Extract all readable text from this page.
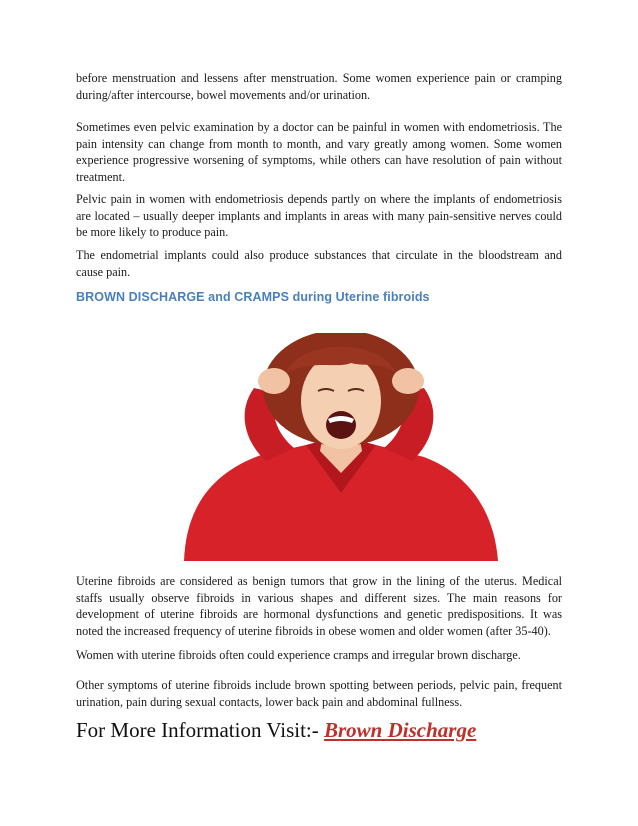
before menstruation and lessens after menstruation. Some women experience pain or cramping during/after intercourse, bowel movements and/or urination.

Sometimes even pelvic examination by a doctor can be painful in women with endometriosis. The pain intensity can change from month to month, and vary greatly among women. Some women experience progressive worsening of symptoms, while others can have resolution of pain without treatment.

Pelvic pain in women with endometriosis depends partly on where the implants of endometriosis are located – usually deeper implants and implants in areas with many pain-sensitive nerves could be more likely to produce pain.

The endometrial implants could also produce substances that circulate in the bloodstream and cause pain.

BROWN DISCHARGE and CRAMPS during Uterine fibroids

Uterine fibroids are considered as benign tumors that grow in the lining of the uterus. Medical staffs usually observe fibroids in various shapes and different sizes. The main reasons for development of uterine fibroids are hormonal dysfunctions and genetic predispositions. It was noted the increased frequency of uterine fibroids in obese women and older women (after 35-40).

Women with uterine fibroids often could experience cramps and irregular brown discharge.

Other symptoms of uterine fibroids include brown spotting between periods, pelvic pain, frequent urination, pain during sexual contacts, lower back pain and abdominal fullness.

For More Information Visit:- Brown Discharge
